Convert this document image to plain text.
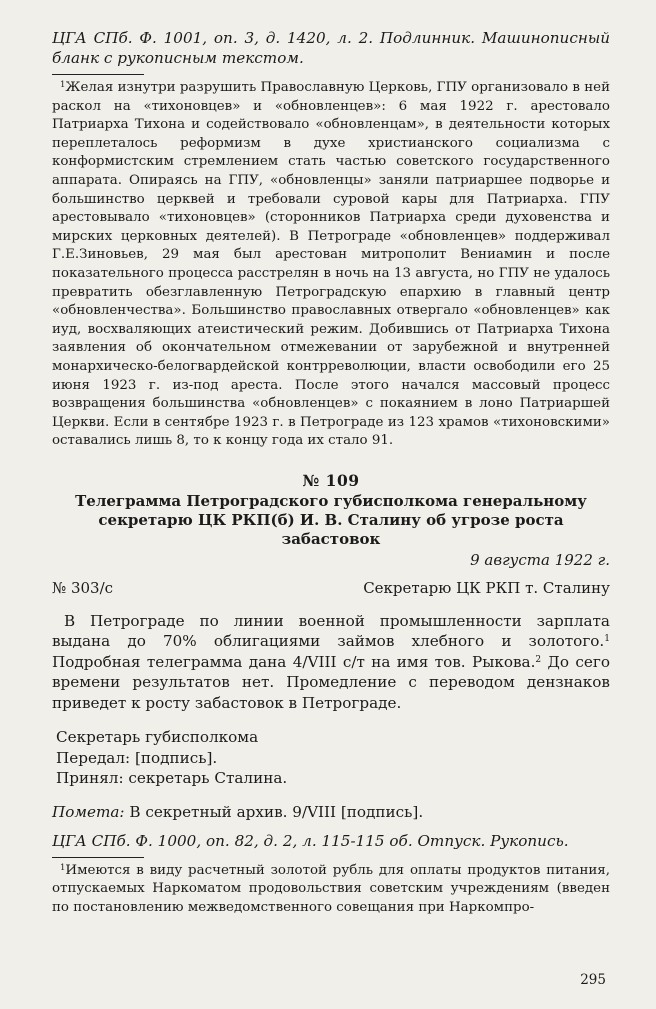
ЦГА СПб. Ф. 1001, оп. 3, д. 1420, л. 2. Подлинник. Машинописный бланк с рукописным текстом.

$^1$Желая изнутри разрушить Православную Церковь, ГПУ организовало в ней раскол на «тихоновцев» и «обновленцев»: 6 мая 1922 г. арестовало Патриарха Тихона и содействовало «обновленцам», в деятельности которых переплеталось реформизм в духе христианского социализма с конформистским стремлением стать частью советского государственного аппарата. Опираясь на ГПУ, «обновленцы» заняли патриаршее подворье и большинство церквей и требовали суровой кары для Патриарха. ГПУ арестовывало «тихоновцев» (сторонников Патриарха среди духовенства и мирских церковных деятелей). В Петрограде «обновленцев» поддерживал Г.Е.Зиновьев, 29 мая был арестован митрополит Вениамин и после показательного процесса расстрелян в ночь на 13 августа, но ГПУ не удалось превратить обезглавленную Петроградскую епархию в главный центр «обновленчества». Большинство православных отвергало «обновленцев» как иуд, восхваляющих атеистический режим. Добившись от Патриарха Тихона заявления об окончательном отмежевании от зарубежной и внутренней монархическо-белогвардейской контрреволюции, власти освободили его 25 июня 1923 г. из-под ареста. После этого начался массовый процесс возвращения большинства «обновленцев» с покаянием в лоно Патриаршей Церкви. Если в сентябре 1923 г. в Петрограде из 123 храмов «тихоновскими» оставались лишь 8, то к концу года их стало 91.

№ 109

Телеграмма Петроградского губисполкома генеральному секретарю ЦК РКП(б) И. В. Сталину об угрозе роста забастовок

9 августа 1922 г.
№ 303/с	Секретарю ЦК РКП т. Сталину

В Петрограде по линии военной промышленности зарплата выдана до 70% облигациями займов хлебного и золотого.$^1$ Подробная телеграмма дана 4/VIII с/т на имя тов. Рыкова.$^2$ До сего времени результатов нет. Промедление с переводом дензнаков приведет к росту забастовок в Петрограде.

Секретарь губисполкома

Передал: [подпись].

Принял: секретарь Сталина.

Помета: В секретный архив. 9/VIII [подпись].

ЦГА СПб. Ф. 1000, оп. 82, д. 2, л. 115-115 об. Отпуск. Рукопись.

$^1$Имеются в виду расчетный золотой рубль для оплаты продуктов питания, отпускаемых Наркоматом продовольствия советским учреждениям (введен по постановлению межведомственного совещания при Наркомпро-

295
